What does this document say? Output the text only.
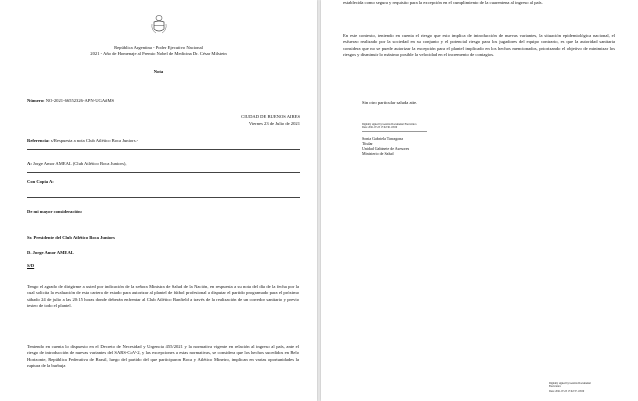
República Argentina - Poder Ejecutivo Nacional
2021 - Año de Homenaje al Premio Nobel de Medicina Dr. César Milstein
Nota
Número: NO-2021-66552326-APN-UGA#MS
CIUDAD DE BUENOS AIRES
Viernes 23 de Julio de 2021
Referencia: s/Respuesta a nota Club Atlético Boca Juniors.-
A: Jorge Amor AMEAL (Club Atlético Boca Juniors),
Con Copia A:
De mi mayor consideración:
Sr. Presidente del Club Atlético Boca Juniors
D. Jorge Amor AMEAL
S/D
Tengo el agrado de dirigirme a usted por indicación de la señora Ministra de Salud de la Nación, en respuesta a su nota del día de la fecha por la cual solicita la evaluación de esta cartera de estado para autorizar al plantel de fútbol profesional a disputar el partido programado para el próximo sábado 24 de julio a las 20:15 horas donde deberán enfrentar al Club Atlético Banfield a través de la realización de un corredor sanitario y previo testeo de todo el plantel.
Teniendo en cuenta lo dispuesto en el Decreto de Necesidad y Urgencia 455/2021 y la normativa vigente en relación al ingreso al país, ante el riesgo de introducción de nuevas variantes del SARS-CoV-2, y las excepciones a estas normativas, se considera que los hechos sucedidos en Belo Horizonte, República Federativa de Brasil, luego del partido del que participaron Boca y Atlético Mineiro, implican en varias oportunidades la ruptura de la burbuja
establecida como segura y requisito para la excepción en el cumplimiento de la cuarentena al ingreso al país.
En este contexto, teniendo en cuenta el riesgo que esto implica de introducción de nuevas variantes, la situación epidemiológica nacional, el esfuerzo realizado por la sociedad en su conjunto y el potencial riesgo para los jugadores del equipo contrario, es que la autoridad sanitaria considera que no se puede autorizar la excepción para el plantel implicado en los hechos mencionados, priorizando el objetivo de minimizar los riesgos y disminuir lo máximo posible la velocidad en el incremento de contagios.
Sin otro particular saluda atte.
Digitally signed by Gestión Documental Electrónica
Date: 2021.07.23 17:02:36 -03:00
Sonia Gabriela Tarragona
Titular
Unidad Gabinete de Asesores
Ministerio de Salud
Digitally signed by Gestión Documental
Electrónica
Date: 2021.07.23 17:02:37 -03:00
